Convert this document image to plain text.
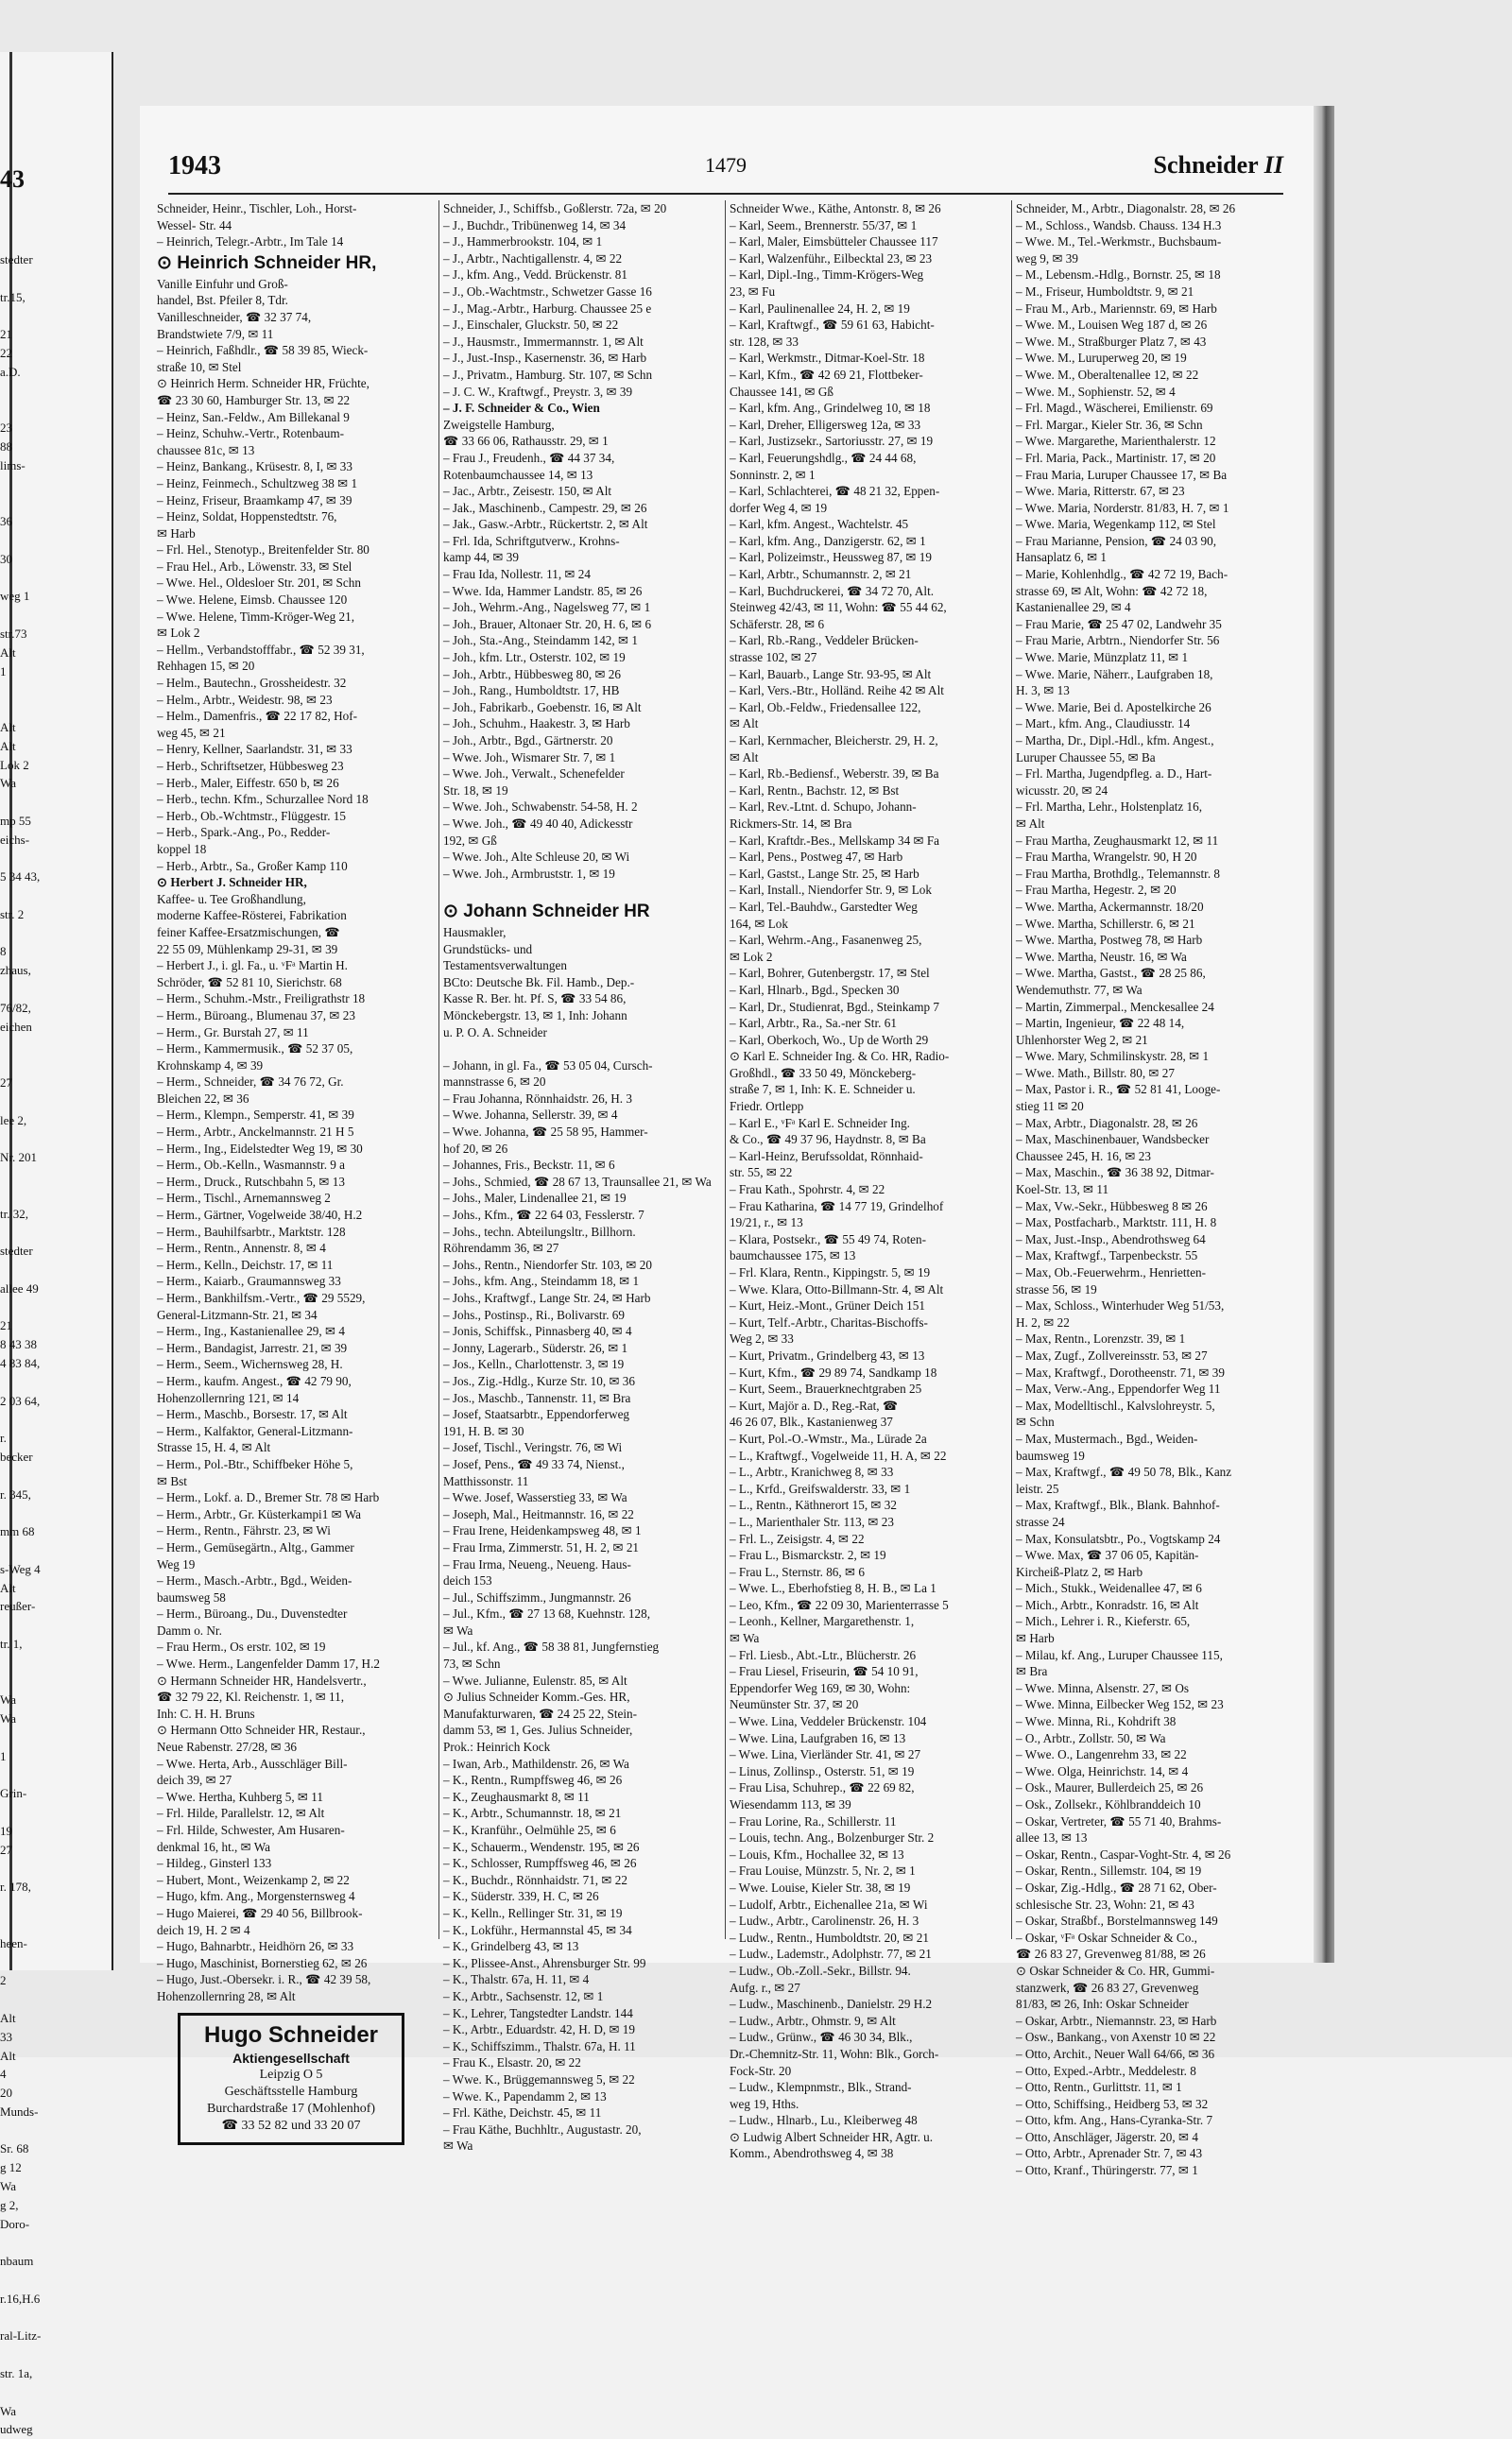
43
stedter

tr.15,

21
22
a.D.

23
88
lims-

36

30

weg 1

str.73
Alt
1

Alt
Alt
Lok 2
Wa

mp 55
eichs-

5 34 43,

str. 2

8
zhaus,

76/82,
eichen

27

lee 2,

Nr. 201

tr. 32,

stedter

allee 49

21
8 43 38
4 83 84,

2 03 64,

r.
becker

r. 345,

mm 68

s-Weg 4
Alt
reußer-

tr. 1,

Wa
Wa

1

Grin-

19
27

r. 178,

heen-

2

Alt
33
Alt
4
20
Munds-

Sr. 68
g 12
Wa
g 2,
Doro-

nbaum

r.16,H.6

ral-Litz-

str. 1a,

Wa
udweg
1943	1479	Schneider II
Schneider, Heinr., Tischler, Loh., Horst-
Wessel- Str. 44
– Heinrich, Telegr.-Arbtr., Im Tale 14
⊙ Heinrich Schneider HR,
Vanille Einfuhr und Groß-
handel, Bst. Pfeiler 8, Tdr.
Vanilleschneider, ☎ 32 37 74,
Brandstwiete 7/9, ✉ 11
– Heinrich, Faßhdlr., ☎ 58 39 85, Wieck-
straße 10, ✉ Stel
⊙ Heinrich Herm. Schneider HR, Früchte,
☎ 23 30 60, Hamburger Str. 13, ✉ 22
– Heinz, San.-Feldw., Am Billekanal 9
– Heinz, Schuhw.-Vertr., Rotenbaum-
chaussee 81c, ✉ 13
– Heinz, Bankang., Krüsestr. 8, I, ✉ 33
– Heinz, Feinmech., Schultzweg 38 ✉ 1
– Heinz, Friseur, Braamkamp 47, ✉ 39
– Heinz, Soldat, Hoppenstedtstr. 76,
✉ Harb
– Frl. Hel., Stenotyp., Breitenfelder Str. 80
– Frau Hel., Arb., Löwenstr. 33, ✉ Stel
– Wwe. Hel., Oldesloer Str. 201, ✉ Schn
– Wwe. Helene, Eimsb. Chaussee 120
– Wwe. Helene, Timm-Kröger-Weg 21,
✉ Lok 2
– Hellm., Verbandstofffabr., ☎ 52 39 31,
Rehhagen 15, ✉ 20
– Helm., Bautechn., Grossheidestr. 32
– Helm., Arbtr., Weidestr. 98, ✉ 23
– Helm., Damenfris., ☎ 22 17 82, Hof-
weg 45, ✉ 21
– Henry, Kellner, Saarlandstr. 31, ✉ 33
– Herb., Schriftsetzer, Hübbesweg 23
– Herb., Maler, Eiffestr. 650 b, ✉ 26
– Herb., techn. Kfm., Schurzallee Nord 18
– Herb., Ob.-Wchtmstr., Flüggestr. 15
– Herb., Spark.-Ang., Po., Redder-
koppel 18
– Herb., Arbtr., Sa., Großer Kamp 110
⊙ Herbert J. Schneider HR,
Kaffee- u. Tee Großhandlung,
moderne Kaffee-Rösterei, Fabrikation
feiner Kaffee-Ersatzmischungen, ☎
22 55 09, Mühlenkamp 29-31, ✉ 39
– Herbert J., i. gl. Fa., u. ᵛFᵃ Martin H.
Schröder, ☎ 52 81 10, Sierichstr. 68
– Herm., Schuhm.-Mstr., Freiligrathstr 18
– Herm., Büroang., Blumenau 37, ✉ 23
– Herm., Gr. Burstah 27, ✉ 11
– Herm., Kammermusik., ☎ 52 37 05,
Krohnskamp 4, ✉ 39
– Herm., Schneider, ☎ 34 76 72, Gr.
Bleichen 22, ✉ 36
– Herm., Klempn., Semperstr. 41, ✉ 39
– Herm., Arbtr., Anckelmannstr. 21 H 5
– Herm., Ing., Eidelstedter Weg 19, ✉ 30
– Herm., Ob.-Kelln., Wasmannstr. 9 a
– Herm., Druck., Rutschbahn 5, ✉ 13
– Herm., Tischl., Arnemannsweg 2
– Herm., Gärtner, Vogelweide 38/40, H.2
– Herm., Bauhilfsarbtr., Marktstr. 128
– Herm., Rentn., Annenstr. 8, ✉ 4
– Herm., Kelln., Deichstr. 17, ✉ 11
– Herm., Kaiarb., Graumannsweg 33
– Herm., Bankhilfsm.-Vertr., ☎ 29 5529,
General-Litzmann-Str. 21, ✉ 34
– Herm., Ing., Kastanienallee 29, ✉ 4
– Herm., Bandagist, Jarrestr. 21, ✉ 39
– Herm., Seem., Wichernsweg 28, H.
– Herm., kaufm. Angest., ☎ 42 79 90,
Hohenzollernring 121, ✉ 14
– Herm., Maschb., Borsestr. 17, ✉ Alt
– Herm., Kalfaktor, General-Litzmann-
Strasse 15, H. 4, ✉ Alt
– Herm., Pol.-Btr., Schiffbeker Höhe 5,
✉ Bst
– Herm., Lokf. a. D., Bremer Str. 78 ✉ Harb
– Herm., Arbtr., Gr. Küsterkampi1 ✉ Wa
– Herm., Rentn., Fährstr. 23, ✉ Wi
– Herm., Gemüsegärtn., Altg., Gammer
Weg 19
– Herm., Masch.-Arbtr., Bgd., Weiden-
baumsweg 58
– Herm., Büroang., Du., Duvenstedter
Damm o. Nr.
– Frau Herm., Os erstr. 102, ✉ 19
– Wwe. Herm., Langenfelder Damm 17, H.2
⊙ Hermann Schneider HR, Handelsvertr.,
☎ 32 79 22, Kl. Reichenstr. 1, ✉ 11,
Inh: C. H. H. Bruns
⊙ Hermann Otto Schneider HR, Restaur.,
Neue Rabenstr. 27/28, ✉ 36
– Wwe. Herta, Arb., Ausschläger Bill-
deich 39, ✉ 27
– Wwe. Hertha, Kuhberg 5, ✉ 11
– Frl. Hilde, Parallelstr. 12, ✉ Alt
– Frl. Hilde, Schwester, Am Husaren-
denkmal 16, ht., ✉ Wa
– Hildeg., Ginsterl 133
– Hubert, Mont., Weizenkamp 2, ✉ 22
– Hugo, kfm. Ang., Morgensternsweg 4
– Hugo Maierei, ☎ 29 40 56, Billbrook-
deich 19, H. 2 ✉ 4
– Hugo, Bahnarbtr., Heidhörn 26, ✉ 33
– Hugo, Maschinist, Bornerstieg 62, ✉ 26
– Hugo, Just.-Obersekr. i. R., ☎ 42 39 58,
Hohenzollernring 28, ✉ Alt
Hugo Schneider
Aktiengesellschaft
Leipzig O 5
Geschäftsstelle Hamburg
Burchardstraße 17 (Mohlenhof)
☎ 33 52 82 und 33 20 07
Schneider, J., Schiffsb., Goßlerstr. 72a, ✉ 20
– J., Buchdr., Tribünenweg 14, ✉ 34
– J., Hammerbrookstr. 104, ✉ 1
– J., Arbtr., Nachtigallenstr. 4, ✉ 22
– J., kfm. Ang., Vedd. Brückenstr. 81
– J., Ob.-Wachtmstr., Schwetzer Gasse 16
– J., Mag.-Arbtr., Harburg. Chaussee 25 e
– J., Einschaler, Gluckstr. 50, ✉ 22
– J., Hausmstr., Immermannstr. 1, ✉ Alt
– J., Just.-Insp., Kasernenstr. 36, ✉ Harb
– J., Privatm., Hamburg. Str. 107, ✉ Schn
– J. C. W., Kraftwgf., Preystr. 3, ✉ 39
– J. F. Schneider & Co., Wien
Zweigstelle Hamburg,
☎ 33 66 06, Rathausstr. 29, ✉ 1
– Frau J., Freudenh., ☎ 44 37 34,
Rotenbaumchaussee 14, ✉ 13
– Jac., Arbtr., Zeisestr. 150, ✉ Alt
– Jak., Maschinenb., Campestr. 29, ✉ 26
– Jak., Gasw.-Arbtr., Rückertstr. 2, ✉ Alt
– Frl. Ida, Schriftgutverw., Krohns-
kamp 44, ✉ 39
– Frau Ida, Nollestr. 11, ✉ 24
– Wwe. Ida, Hammer Landstr. 85, ✉ 26
– Joh., Wehrm.-Ang., Nagelsweg 77, ✉ 1
– Joh., Brauer, Altonaer Str. 20, H. 6, ✉ 6
– Joh., Sta.-Ang., Steindamm 142, ✉ 1
– Joh., kfm. Ltr., Osterstr. 102, ✉ 19
– Joh., Arbtr., Hübbesweg 80, ✉ 26
– Joh., Rang., Humboldtstr. 17, HB
– Joh., Fabrikarb., Goebenstr. 16, ✉ Alt
– Joh., Schuhm., Haakestr. 3, ✉ Harb
– Joh., Arbtr., Bgd., Gärtnerstr. 20
– Wwe. Joh., Wismarer Str. 7, ✉ 1
– Wwe. Joh., Verwalt., Schenefelder
Str. 18, ✉ 19
– Wwe. Joh., Schwabenstr. 54-58, H. 2
– Wwe. Joh., ☎ 49 40 40, Adickesstr
192, ✉ Gß
– Wwe. Joh., Alte Schleuse 20, ✉ Wi
– Wwe. Joh., Armbruststr. 1, ✉ 19

⊙ Johann Schneider HR
Hausmakler,
Grundstücks- und
Testamentsverwaltungen
BCto: Deutsche Bk. Fil. Hamb., Dep.-
Kasse R. Ber. ht. Pf. S, ☎ 33 54 86,
Mönckebergstr. 13, ✉ 1, Inh: Johann
u. P. O. A. Schneider

– Johann, in gl. Fa., ☎ 53 05 04, Cursch-
mannstrasse 6, ✉ 20
– Frau Johanna, Rönnhaidstr. 26, H. 3
– Wwe. Johanna, Sellerstr. 39, ✉ 4
– Wwe. Johanna, ☎ 25 58 95, Hammer-
hof 20, ✉ 26
– Johannes, Fris., Beckstr. 11, ✉ 6
– Johs., Schmied, ☎ 28 67 13, Traunsallee 21, ✉ Wa
– Johs., Maler, Lindenallee 21, ✉ 19
– Johs., Kfm., ☎ 22 64 03, Fesslerstr. 7
– Johs., techn. Abteilungsltr., Billhorn.
Röhrendamm 36, ✉ 27
– Johs., Rentn., Niendorfer Str. 103, ✉ 20
– Johs., kfm. Ang., Steindamm 18, ✉ 1
– Johs., Kraftwgf., Lange Str. 24, ✉ Harb
– Johs., Postinsp., Ri., Bolivarstr. 69
– Jonis, Schiffsk., Pinnasberg 40, ✉ 4
– Jonny, Lagerarb., Süderstr. 26, ✉ 1
– Jos., Kelln., Charlottenstr. 3, ✉ 19
– Jos., Zig.-Hdlg., Kurze Str. 10, ✉ 36
– Jos., Maschb., Tannenstr. 11, ✉ Bra
– Josef, Staatsarbtr., Eppendorferweg
191, H. B. ✉ 30
– Josef, Tischl., Veringstr. 76, ✉ Wi
– Josef, Pens., ☎ 49 33 74, Nienst.,
Matthissonstr. 11
– Wwe. Josef, Wasserstieg 33, ✉ Wa
– Joseph, Mal., Heitmannstr. 16, ✉ 22
– Frau Irene, Heidenkampsweg 48, ✉ 1
– Frau Irma, Zimmerstr. 51, H. 2, ✉ 21
– Frau Irma, Neueng., Neueng. Haus-
deich 153
– Jul., Schiffszimm., Jungmannstr. 26
– Jul., Kfm., ☎ 27 13 68, Kuehnstr. 128,
✉ Wa
– Jul., kf. Ang., ☎ 58 38 81, Jungfernstieg
73, ✉ Schn
– Wwe. Julianne, Eulenstr. 85, ✉ Alt
⊙ Julius Schneider Komm.-Ges. HR,
Manufakturwaren, ☎ 24 25 22, Stein-
damm 53, ✉ 1, Ges. Julius Schneider,
Prok.: Heinrich Kock
– Iwan, Arb., Mathildenstr. 26, ✉ Wa
– K., Rentn., Rumpffsweg 46, ✉ 26
– K., Zeughausmarkt 8, ✉ 11
– K., Arbtr., Schumannstr. 18, ✉ 21
– K., Kranführ., Oelmühle 25, ✉ 6
– K., Schauerm., Wendenstr. 195, ✉ 26
– K., Schlosser, Rumpffsweg 46, ✉ 26
– K., Buchdr., Rönnhaidstr. 71, ✉ 22
– K., Süderstr. 339, H. C, ✉ 26
– K., Kelln., Rellinger Str. 31, ✉ 19
– K., Lokführ., Hermannstal 45, ✉ 34
– K., Grindelberg 43, ✉ 13
– K., Plissee-Anst., Ahrensburger Str. 99
– K., Thalstr. 67a, H. 11, ✉ 4
– K., Arbtr., Sachsenstr. 12, ✉ 1
– K., Lehrer, Tangstedter Landstr. 144
– K., Arbtr., Eduardstr. 42, H. D, ✉ 19
– K., Schiffszimm., Thalstr. 67a, H. 11
– Frau K., Elsastr. 20, ✉ 22
– Wwe. K., Brüggemannsweg 5, ✉ 22
– Wwe. K., Papendamm 2, ✉ 13
– Frl. Käthe, Deichstr. 45, ✉ 11
– Frau Käthe, Buchhltr., Augustastr. 20,
✉ Wa
Schneider Wwe., Käthe, Antonstr. 8, ✉ 26
– Karl, Seem., Brennerstr. 55/37, ✉ 1
– Karl, Maler, Eimsbütteler Chaussee 117
– Karl, Walzenführ., Eilbecktal 23, ✉ 23
– Karl, Dipl.-Ing., Timm-Krögers-Weg
23, ✉ Fu
– Karl, Paulinenallee 24, H. 2, ✉ 19
– Karl, Kraftwgf., ☎ 59 61 63, Habicht-
str. 128, ✉ 33
– Karl, Werkmstr., Ditmar-Koel-Str. 18
– Karl, Kfm., ☎ 42 69 21, Flottbeker-
Chaussee 141, ✉ Gß
– Karl, kfm. Ang., Grindelweg 10, ✉ 18
– Karl, Dreher, Elligersweg 12a, ✉ 33
– Karl, Justizsekr., Sartoriusstr. 27, ✉ 19
– Karl, Feuerungshdlg., ☎ 24 44 68,
Sonninstr. 2, ✉ 1
– Karl, Schlachterei, ☎ 48 21 32, Eppen-
dorfer Weg 4, ✉ 19
– Karl, kfm. Angest., Wachtelstr. 45
– Karl, kfm. Ang., Danzigerstr. 62, ✉ 1
– Karl, Polizeimstr., Heussweg 87, ✉ 19
– Karl, Arbtr., Schumannstr. 2, ✉ 21
– Karl, Buchdruckerei, ☎ 34 72 70, Alt.
Steinweg 42/43, ✉ 11, Wohn: ☎ 55 44 62,
Schäferstr. 28, ✉ 6
– Karl, Rb.-Rang., Veddeler Brücken-
strasse 102, ✉ 27
– Karl, Bauarb., Lange Str. 93-95, ✉ Alt
– Karl, Vers.-Btr., Holländ. Reihe 42 ✉ Alt
– Karl, Ob.-Feldw., Friedensallee 122,
✉ Alt
– Karl, Kernmacher, Bleicherstr. 29, H. 2,
✉ Alt
– Karl, Rb.-Bediensf., Weberstr. 39, ✉ Ba
– Karl, Rentn., Bachstr. 12, ✉ Bst
– Karl, Rev.-Ltnt. d. Schupo, Johann-
Rickmers-Str. 14, ✉ Bra
– Karl, Kraftdr.-Bes., Mellskamp 34 ✉ Fa
– Karl, Pens., Postweg 47, ✉ Harb
– Karl, Gastst., Lange Str. 25, ✉ Harb
– Karl, Install., Niendorfer Str. 9, ✉ Lok
– Karl, Tel.-Bauhdw., Garstedter Weg
164, ✉ Lok
– Karl, Wehrm.-Ang., Fasanenweg 25,
✉ Lok 2
– Karl, Bohrer, Gutenbergstr. 17, ✉ Stel
– Karl, Hlnarb., Bgd., Specken 30
– Karl, Dr., Studienrat, Bgd., Steinkamp 7
– Karl, Arbtr., Ra., Sa.-ner Str. 61
– Karl, Oberkoch, Wo., Up de Worth 29
⊙ Karl E. Schneider Ing. & Co. HR, Radio-
Großhdl., ☎ 33 50 49, Mönckeberg-
straße 7, ✉ 1, Inh: K. E. Schneider u.
Friedr. Ortlepp
– Karl E., ᵛFᵃ Karl E. Schneider Ing.
& Co., ☎ 49 37 96, Haydnstr. 8, ✉ Ba
– Karl-Heinz, Berufssoldat, Rönnhaid-
str. 55, ✉ 22
– Frau Kath., Spohrstr. 4, ✉ 22
– Frau Katharina, ☎ 14 77 19, Grindelhof
19/21, r., ✉ 13
– Klara, Postsekr., ☎ 55 49 74, Roten-
baumchaussee 175, ✉ 13
– Frl. Klara, Rentn., Kippingstr. 5, ✉ 19
– Wwe. Klara, Otto-Billmann-Str. 4, ✉ Alt
– Kurt, Heiz.-Mont., Grüner Deich 151
– Kurt, Telf.-Arbtr., Charitas-Bischoffs-
Weg 2, ✉ 33
– Kurt, Privatm., Grindelberg 43, ✉ 13
– Kurt, Kfm., ☎ 29 89 74, Sandkamp 18
– Kurt, Seem., Brauerknechtgraben 25
– Kurt, Majör a. D., Reg.-Rat, ☎
46 26 07, Blk., Kastanienweg 37
– Kurt, Pol.-O.-Wmstr., Ma., Lürade 2a
– L., Kraftwgf., Vogelweide 11, H. A, ✉ 22
– L., Arbtr., Kranichweg 8, ✉ 33
– L., Krfd., Greifswalderstr. 33, ✉ 1
– L., Rentn., Käthnerort 15, ✉ 32
– L., Marienthaler Str. 113, ✉ 23
– Frl. L., Zeisigstr. 4, ✉ 22
– Frau L., Bismarckstr. 2, ✉ 19
– Frau L., Sternstr. 86, ✉ 6
– Wwe. L., Eberhofstieg 8, H. B., ✉ La 1
– Leo, Kfm., ☎ 22 09 30, Marienterrasse 5
– Leonh., Kellner, Margarethenstr. 1,
✉ Wa
– Frl. Liesb., Abt.-Ltr., Blücherstr. 26
– Frau Liesel, Friseurin, ☎ 54 10 91,
Eppendorfer Weg 169, ✉ 30, Wohn:
Neumünster Str. 37, ✉ 20
– Wwe. Lina, Veddeler Brückenstr. 104
– Wwe. Lina, Laufgraben 16, ✉ 13
– Wwe. Lina, Vierländer Str. 41, ✉ 27
– Linus, Zollinsp., Osterstr. 51, ✉ 19
– Frau Lisa, Schuhrep., ☎ 22 69 82,
Wiesendamm 113, ✉ 39
– Frau Lorine, Ra., Schillerstr. 11
– Louis, techn. Ang., Bolzenburger Str. 2
– Louis, Kfm., Hochallee 32, ✉ 13
– Frau Louise, Münzstr. 5, Nr. 2, ✉ 1
– Wwe. Louise, Kieler Str. 38, ✉ 19
– Ludolf, Arbtr., Eichenallee 21a, ✉ Wi
– Ludw., Arbtr., Carolinenstr. 26, H. 3
– Ludw., Rentn., Humboldtstr. 20, ✉ 21
– Ludw., Lademstr., Adolphstr. 77, ✉ 21
– Ludw., Ob.-Zoll.-Sekr., Billstr. 94.
Aufg. r., ✉ 27
– Ludw., Maschinenb., Danielstr. 29 H.2
– Ludw., Arbtr., Ohmstr. 9, ✉ Alt
– Ludw., Grünw., ☎ 46 30 34, Blk.,
Dr.-Chemnitz-Str. 11, Wohn: Blk., Gorch-
Fock-Str. 20
– Ludw., Klempnmstr., Blk., Strand-
weg 19, Hths.
– Ludw., Hlnarb., Lu., Kleiberweg 48
⊙ Ludwig Albert Schneider HR, Agtr. u.
Komm., Abendrothsweg 4, ✉ 38
Schneider, M., Arbtr., Diagonalstr. 28, ✉ 26
– M., Schloss., Wandsb. Chauss. 134 H.3
– Wwe. M., Tel.-Werkmstr., Buchsbaum-
weg 9, ✉ 39
– M., Lebensm.-Hdlg., Bornstr. 25, ✉ 18
– M., Friseur, Humboldtstr. 9, ✉ 21
– Frau M., Arb., Mariennstr. 69, ✉ Harb
– Wwe. M., Louisen Weg 187 d, ✉ 26
– Wwe. M., Straßburger Platz 7, ✉ 43
– Wwe. M., Luruperweg 20, ✉ 19
– Wwe. M., Oberaltenallee 12, ✉ 22
– Wwe. M., Sophienstr. 52, ✉ 4
– Frl. Magd., Wäscherei, Emilienstr. 69
– Frl. Margar., Kieler Str. 36, ✉ Schn
– Wwe. Margarethe, Marienthalerstr. 12
– Frl. Maria, Pack., Martinistr. 17, ✉ 20
– Frau Maria, Luruper Chaussee 17, ✉ Ba
– Wwe. Maria, Ritterstr. 67, ✉ 23
– Wwe. Maria, Norderstr. 81/83, H. 7, ✉ 1
– Wwe. Maria, Wegenkamp 112, ✉ Stel
– Frau Marianne, Pension, ☎ 24 03 90,
Hansaplatz 6, ✉ 1
– Marie, Kohlenhdlg., ☎ 42 72 19, Bach-
strasse 69, ✉ Alt, Wohn: ☎ 42 72 18,
Kastanienallee 29, ✉ 4
– Frau Marie, ☎ 25 47 02, Landwehr 35
– Frau Marie, Arbtrn., Niendorfer Str. 56
– Wwe. Marie, Münzplatz 11, ✉ 1
– Wwe. Marie, Näherr., Laufgraben 18,
H. 3, ✉ 13
– Wwe. Marie, Bei d. Apostelkirche 26
– Mart., kfm. Ang., Claudiusstr. 14
– Martha, Dr., Dipl.-Hdl., kfm. Angest.,
Luruper Chaussee 55, ✉ Ba
– Frl. Martha, Jugendpfleg. a. D., Hart-
wicusstr. 20, ✉ 24
– Frl. Martha, Lehr., Holstenplatz 16,
✉ Alt
– Frau Martha, Zeughausmarkt 12, ✉ 11
– Frau Martha, Wrangelstr. 90, H 20
– Frau Martha, Brothdlg., Telemannstr. 8
– Frau Martha, Hegestr. 2, ✉ 20
– Wwe. Martha, Ackermannstr. 18/20
– Wwe. Martha, Schillerstr. 6, ✉ 21
– Wwe. Martha, Postweg 78, ✉ Harb
– Wwe. Martha, Neustr. 16, ✉ Wa
– Wwe. Martha, Gastst., ☎ 28 25 86,
Wendemuthstr. 77, ✉ Wa
– Martin, Zimmerpal., Menckesallee 24
– Martin, Ingenieur, ☎ 22 48 14,
Uhlenhorster Weg 2, ✉ 21
– Wwe. Mary, Schmilinskystr. 28, ✉ 1
– Wwe. Math., Billstr. 80, ✉ 27
– Max, Pastor i. R., ☎ 52 81 41, Looge-
stieg 11 ✉ 20
– Max, Arbtr., Diagonalstr. 28, ✉ 26
– Max, Maschinenbauer, Wandsbecker
Chaussee 245, H. 16, ✉ 23
– Max, Maschin., ☎ 36 38 92, Ditmar-
Koel-Str. 13, ✉ 11
– Max, Vw.-Sekr., Hübbesweg 8 ✉ 26
– Max, Postfacharb., Marktstr. 111, H. 8
– Max, Just.-Insp., Abendrothsweg 64
– Max, Kraftwgf., Tarpenbeckstr. 55
– Max, Ob.-Feuerwehrm., Henrietten-
strasse 56, ✉ 19
– Max, Schloss., Winterhuder Weg 51/53,
H. 2, ✉ 22
– Max, Rentn., Lorenzstr. 39, ✉ 1
– Max, Zugf., Zollvereinsstr. 53, ✉ 27
– Max, Kraftwgf., Dorotheenstr. 71, ✉ 39
– Max, Verw.-Ang., Eppendorfer Weg 11
– Max, Modelltischl., Kalvslohreystr. 5,
✉ Schn
– Max, Mustermach., Bgd., Weiden-
baumsweg 19
– Max, Kraftwgf., ☎ 49 50 78, Blk., Kanz
leistr. 25
– Max, Kraftwgf., Blk., Blank. Bahnhof-
strasse 24
– Max, Konsulatsbtr., Po., Vogtskamp 24
– Wwe. Max, ☎ 37 06 05, Kapitän-
Kircheiß-Platz 2, ✉ Harb
– Mich., Stukk., Weidenallee 47, ✉ 6
– Mich., Arbtr., Konradstr. 16, ✉ Alt
– Mich., Lehrer i. R., Kieferstr. 65,
✉ Harb
– Milau, kf. Ang., Luruper Chaussee 115,
✉ Bra
– Wwe. Minna, Alsenstr. 27, ✉ Os
– Wwe. Minna, Eilbecker Weg 152, ✉ 23
– Wwe. Minna, Ri., Kohdrift 38
– O., Arbtr., Zollstr. 50, ✉ Wa
– Wwe. O., Langenrehm 33, ✉ 22
– Wwe. Olga, Heinrichstr. 14, ✉ 4
– Osk., Maurer, Bullerdeich 25, ✉ 26
– Osk., Zollsekr., Köhlbranddeich 10
– Oskar, Vertreter, ☎ 55 71 40, Brahms-
allee 13, ✉ 13
– Oskar, Rentn., Caspar-Voght-Str. 4, ✉ 26
– Oskar, Rentn., Sillemstr. 104, ✉ 19
– Oskar, Zig.-Hdlg., ☎ 28 71 62, Ober-
schlesische Str. 23, Wohn: 21, ✉ 43
– Oskar, Straßbf., Borstelmannsweg 149
– Oskar, ᵛFᵃ Oskar Schneider & Co.,
☎ 26 83 27, Grevenweg 81/88, ✉ 26
⊙ Oskar Schneider & Co. HR, Gummi-
stanzwerk, ☎ 26 83 27, Grevenweg
81/83, ✉ 26, Inh: Oskar Schneider
– Oskar, Arbtr., Niemannstr. 23, ✉ Harb
– Osw., Bankang., von Axenstr 10 ✉ 22
– Otto, Archit., Neuer Wall 64/66, ✉ 36
– Otto, Exped.-Arbtr., Meddelestr. 8
– Otto, Rentn., Gurlittstr. 11, ✉ 1
– Otto, Schiffsing., Heidberg 53, ✉ 32
– Otto, kfm. Ang., Hans-Cyranka-Str. 7
– Otto, Anschläger, Jägerstr. 20, ✉ 4
– Otto, Arbtr., Aprenader Str. 7, ✉ 43
– Otto, Kranf., Thüringerstr. 77, ✉ 1
